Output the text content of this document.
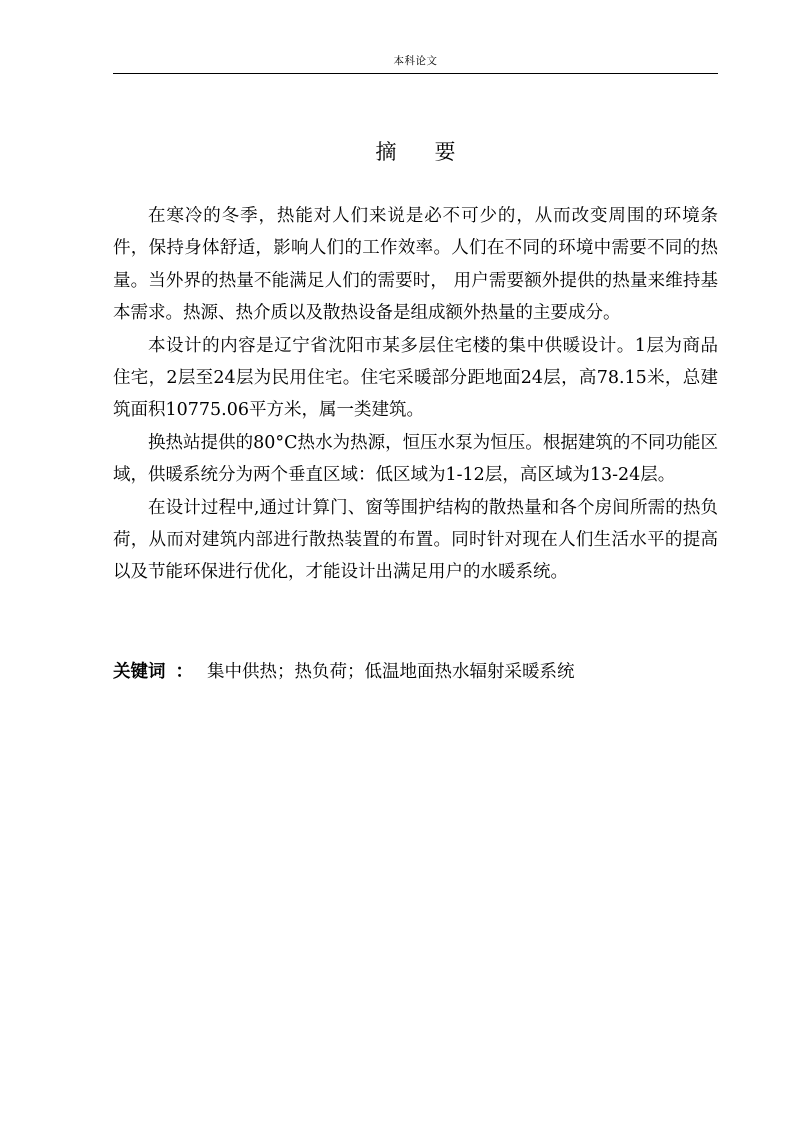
本科论文
摘 要

在寒冷的冬季，热能对人们来说是必不可少的，从而改变周围的环境条件，保持身体舒适，影响人们的工作效率。人们在不同的环境中需要不同的热量。当外界的热量不能满足人们的需要时， 用户需要额外提供的热量来维持基本需求。热源、热介质以及散热设备是组成额外热量的主要成分。

本设计的内容是辽宁省沈阳市某多层住宅楼的集中供暖设计。1层为商品住宅，2层至24层为民用住宅。住宅采暖部分距地面24层，高78.15米，总建筑面积10775.06平方米，属一类建筑。

换热站提供的80°C热水为热源，恒压水泵为恒压。根据建筑的不同功能区域，供暖系统分为两个垂直区域：低区域为1-12层，高区域为13-24层。

在设计过程中,通过计算门、窗等围护结构的散热量和各个房间所需的热负荷，从而对建筑内部进行散热装置的布置。同时针对现在人们生活水平的提高以及节能环保进行优化，才能设计出满足用户的水暖系统。

关键词 ： 集中供热；热负荷；低温地面热水辐射采暖系统
